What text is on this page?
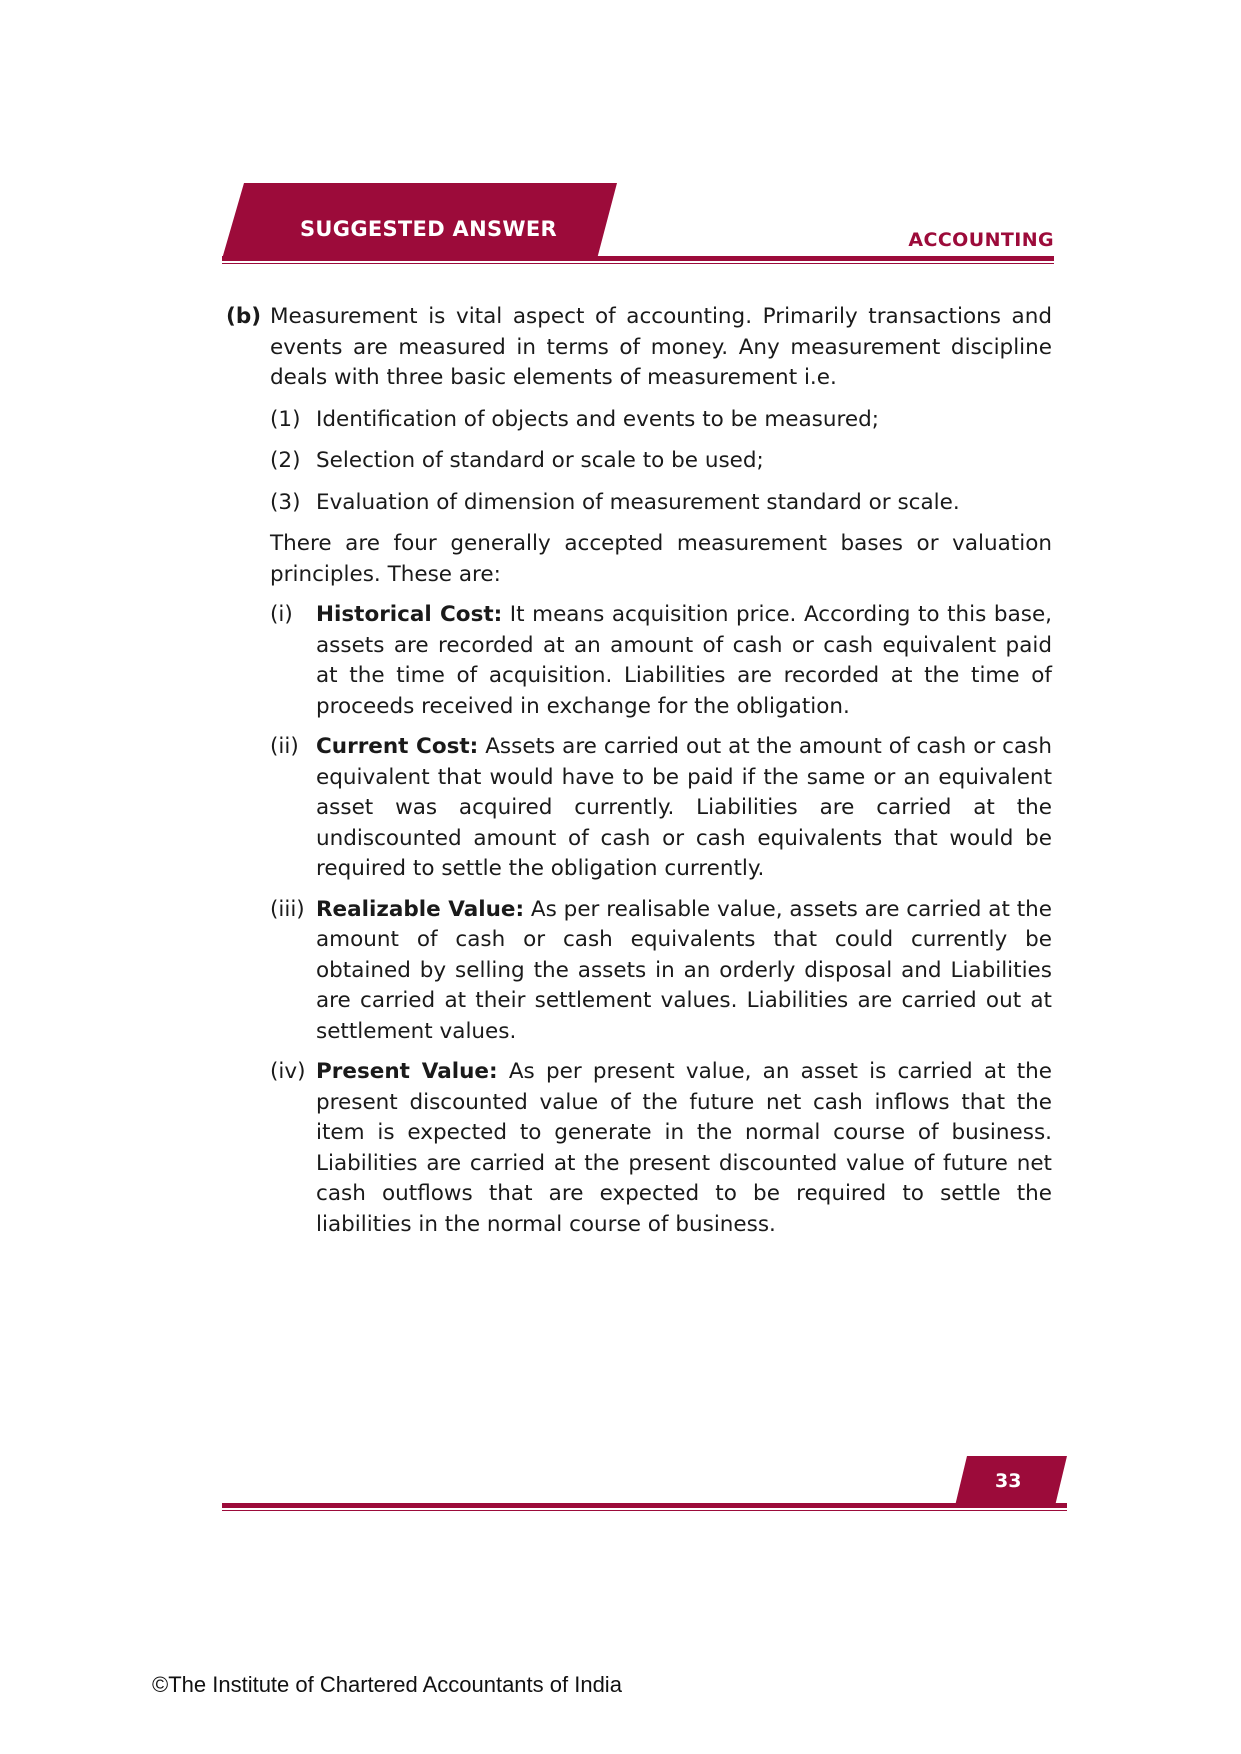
SUGGESTED ANSWER	ACCOUNTING
(b) Measurement is vital aspect of accounting. Primarily transactions and events are measured in terms of money. Any measurement discipline deals with three basic elements of measurement i.e.
(1) Identification of objects and events to be measured;
(2) Selection of standard or scale to be used;
(3) Evaluation of dimension of measurement standard or scale.
There are four generally accepted measurement bases or valuation principles. These are:
(i)	Historical Cost: It means acquisition price. According to this base, assets are recorded at an amount of cash or cash equivalent paid at the time of acquisition. Liabilities are recorded at the time of proceeds received in exchange for the obligation.
(ii) Current Cost: Assets are carried out at the amount of cash or cash equivalent that would have to be paid if the same or an equivalent asset was acquired currently. Liabilities are carried at the undiscounted amount of cash or cash equivalents that would be required to settle the obligation currently.
(iii) Realizable Value: As per realisable value, assets are carried at the amount of cash or cash equivalents that could currently be obtained by selling the assets in an orderly disposal and Liabilities are carried at their settlement values. Liabilities are carried out at settlement values.
(iv) Present Value: As per present value, an asset is carried at the present discounted value of the future net cash inflows that the item is expected to generate in the normal course of business. Liabilities are carried at the present discounted value of future net cash outflows that are expected to be required to settle the liabilities in the normal course of business.
33
©The Institute of Chartered Accountants of India
